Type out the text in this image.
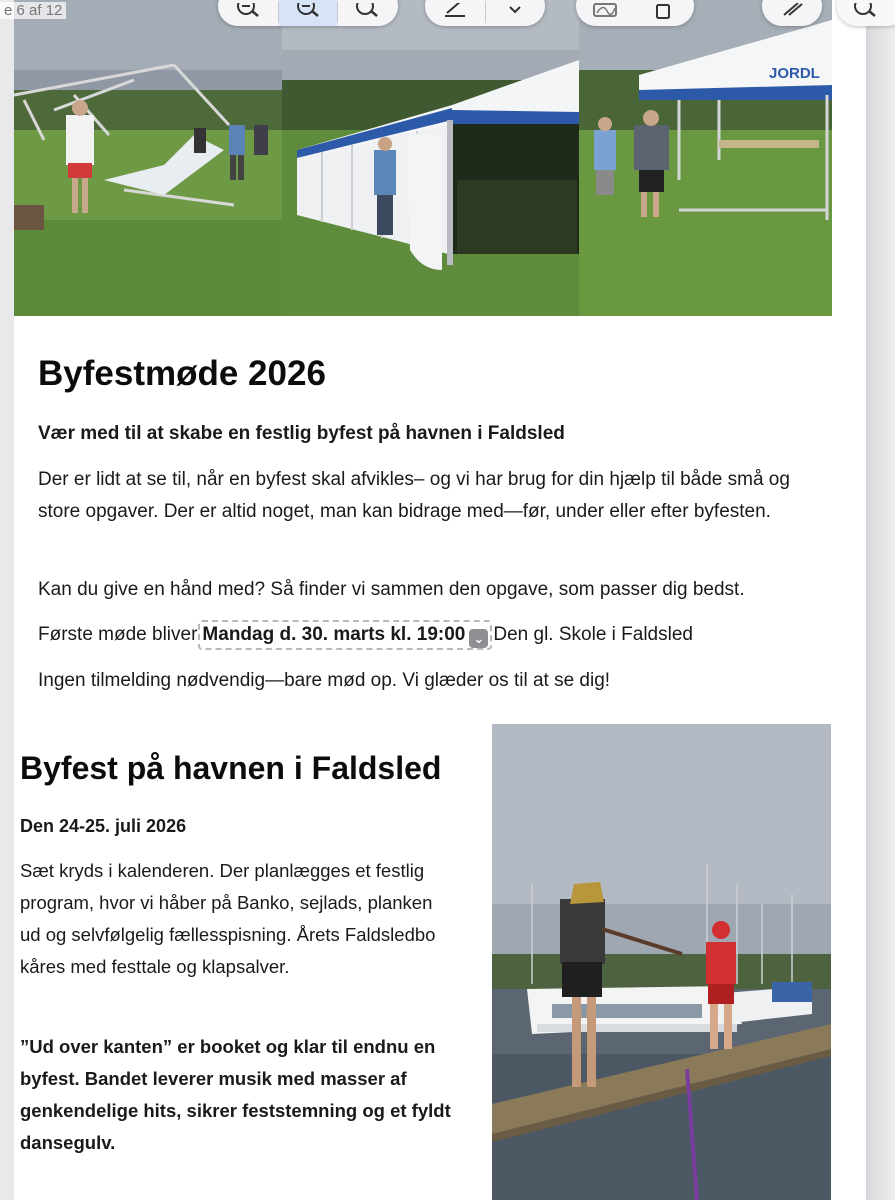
JORDL
e 6 af 12
Byfestmøde 2026

Vær med til at skabe en festlig byfest på havnen i Faldsled

Der er lidt at se til, når en byfest skal afvikles– og vi har brug for din hjælp til både små og store opgaver. Der er altid noget, man kan bidrage med—før, under eller efter byfesten.

Kan du give en hånd med? Så finder vi sammen den opgave, som passer dig bedst.

Første møde bliver Mandag d. 30. marts kl. 19:00 ⌄ Den gl. Skole i Faldsled

Ingen tilmelding nødvendig—bare mød op. Vi glæder os til at se dig!

Byfest på havnen i Faldsled

Den 24-25. juli 2026

Sæt kryds i kalenderen. Der planlægges et festlig program, hvor vi håber på Banko, sejlads, planken ud og selvfølgelig fællesspisning. Årets Faldsledbo kåres med festtale og klapsalver.

”Ud over kanten” er booket og klar til endnu en byfest. Bandet leverer musik med masser af genkendelige hits, sikrer feststemning og et fyldt dansegulv.
